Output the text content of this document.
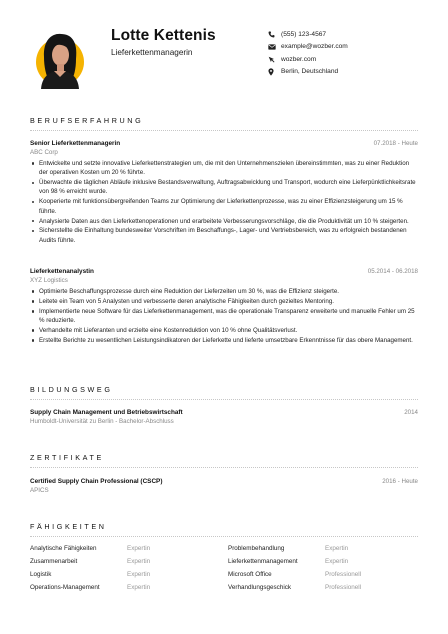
Lotte Kettenis
Lieferkettenmanagerin
(555) 123-4567
example@wozber.com
wozber.com
Berlin, Deutschland
BERUFSERFAHRUNG
Senior Lieferkettenmanagerin	07.2018 - Heute
ABC Corp
Entwickelte und setzte innovative Lieferkettenstrategien um, die mit den Unternehmenszielen übereinstimmten, was zu einer Reduktion der operativen Kosten um 20 % führte.
Überwachte die täglichen Abläufe inklusive Bestandsverwaltung, Auftragsabwicklung und Transport, wodurch eine Lieferpünktlichkeitsrate von 98 % erreicht wurde.
Kooperierte mit funktionsübergreifenden Teams zur Optimierung der Lieferkettenprozesse, was zu einer Effizienzsteigerung um 15 % führte.
Analysierte Daten aus den Lieferkettenoperationen und erarbeitete Verbesserungsvorschläge, die die Produktivität um 10 % steigerten.
Sicherstellte die Einhaltung bundesweiter Vorschriften im Beschaffungs-, Lager- und Vertriebsbereich, was zu erfolgreich bestandenen Audits führte.
Lieferkettenanalystin	05.2014 - 06.2018
XYZ Logistics
Optimierte Beschaffungsprozesse durch eine Reduktion der Lieferzeiten um 30 %, was die Effizienz steigerte.
Leitete ein Team von 5 Analysten und verbesserte deren analytische Fähigkeiten durch gezieltes Mentoring.
Implementierte neue Software für das Lieferkettenmanagement, was die operationale Transparenz erweiterte und manuelle Fehler um 25 % reduzierte.
Verhandelte mit Lieferanten und erzielte eine Kostenreduktion von 10 % ohne Qualitätsverlust.
Erstellte Berichte zu wesentlichen Leistungsindikatoren der Lieferkette und lieferte umsetzbare Erkenntnisse für das obere Management.
BILDUNGSWEG
Supply Chain Management und Betriebswirtschaft	2014
Humboldt-Universität zu Berlin - Bachelor-Abschluss
ZERTIFIKATE
Certified Supply Chain Professional (CSCP)	2016 - Heute
APICS
FÄHIGKEITEN
Analytische Fähigkeiten	Expertin	Problembehandlung	Expertin
Zusammenarbeit	Expertin	Lieferkettenmanagement	Expertin
Logistik	Expertin	Microsoft Office	Professionell
Operations-Management	Expertin	Verhandlungsgeschick	Professionell
